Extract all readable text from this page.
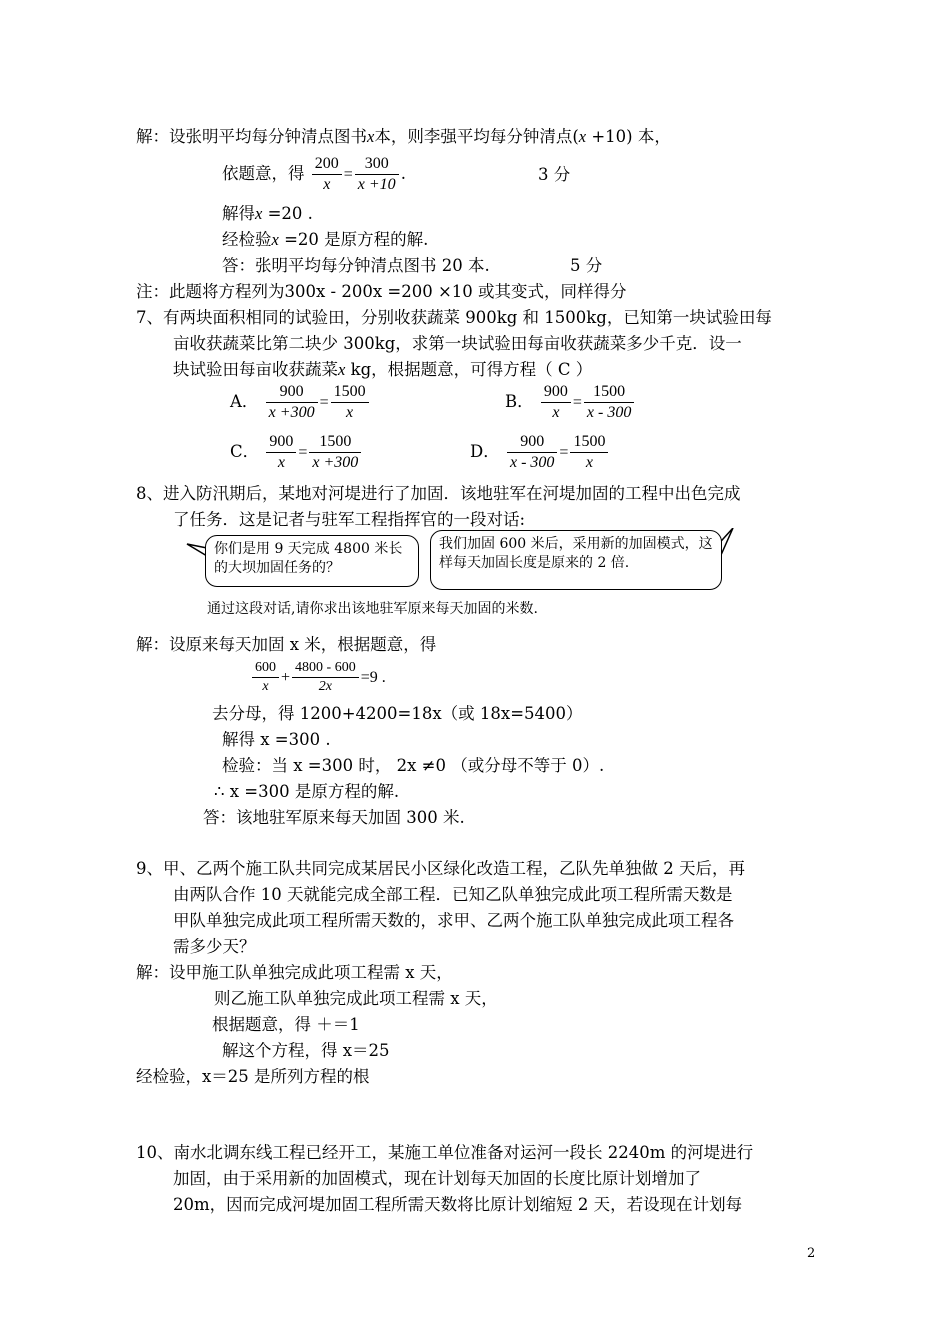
解：设张明平均每分钟清点图书x本，则李强平均每分钟清点(x +10) 本，
依题意，得 $\frac{200}{x} = \frac{300}{x +10}$ .	3 分
解得x =20 .
经检验x =20 是原方程的解.
答：张明平均每分钟清点图书 20 本.	5 分
注：此题将方程列为300x - 200x =200 ×10 或其变式，同样得分
7、有两块面积相同的试验田，分别收获蔬菜 900kg 和 1500kg，已知第一块试验田每
亩收获蔬菜比第二块少 300kg，求第一块试验田每亩收获蔬菜多少千克．设一
块试验田每亩收获蔬菜x kg，根据题意，可得方程（ C ）
A． $\frac{900}{x +300} = \frac{1500}{x}$	B． $\frac{900}{x} = \frac{1500}{x - 300}$
C． $\frac{900}{x} = \frac{1500}{x +300}$	D． $\frac{900}{x - 300} = \frac{1500}{x}$
8、进入防汛期后，某地对河堤进行了加固．该地驻军在河堤加固的工程中出色完成
了任务．这是记者与驻军工程指挥官的一段对话:
你们是用 9 天完成 4800 米长的大坝加固任务的？
我们加固 600 米后，采用新的加固模式，这样每天加固长度是原来的 2 倍.
通过这段对话,请你求出该地驻军原来每天加固的米数.
解：设原来每天加固 x 米，根据题意，得
$\frac{600}{x} + \frac{4800 - 600}{2x} =9$ .
去分母，得 1200+4200=18x（或 18x=5400）
解得 x =300 .
检验：当 x =300 时， 2x ≠0 （或分母不等于 0）.
∴ x =300 是原方程的解.
答：该地驻军原来每天加固 300 米.
9、甲、乙两个施工队共同完成某居民小区绿化改造工程，乙队先单独做 2 天后，再
由两队合作 10 天就能完成全部工程．已知乙队单独完成此项工程所需天数是
甲队单独完成此项工程所需天数的，求甲、乙两个施工队单独完成此项工程各
需多少天？
解：设甲施工队单独完成此项工程需 x 天，
则乙施工队单独完成此项工程需 x 天，
根据题意，得 ＋＝1
解这个方程，得 x＝25
经检验，x＝25 是所列方程的根
10、南水北调东线工程已经开工，某施工单位准备对运河一段长 2240m 的河堤进行
加固，由于采用新的加固模式，现在计划每天加固的长度比原计划增加了
20m，因而完成河堤加固工程所需天数将比原计划缩短 2 天，若设现在计划每
2
